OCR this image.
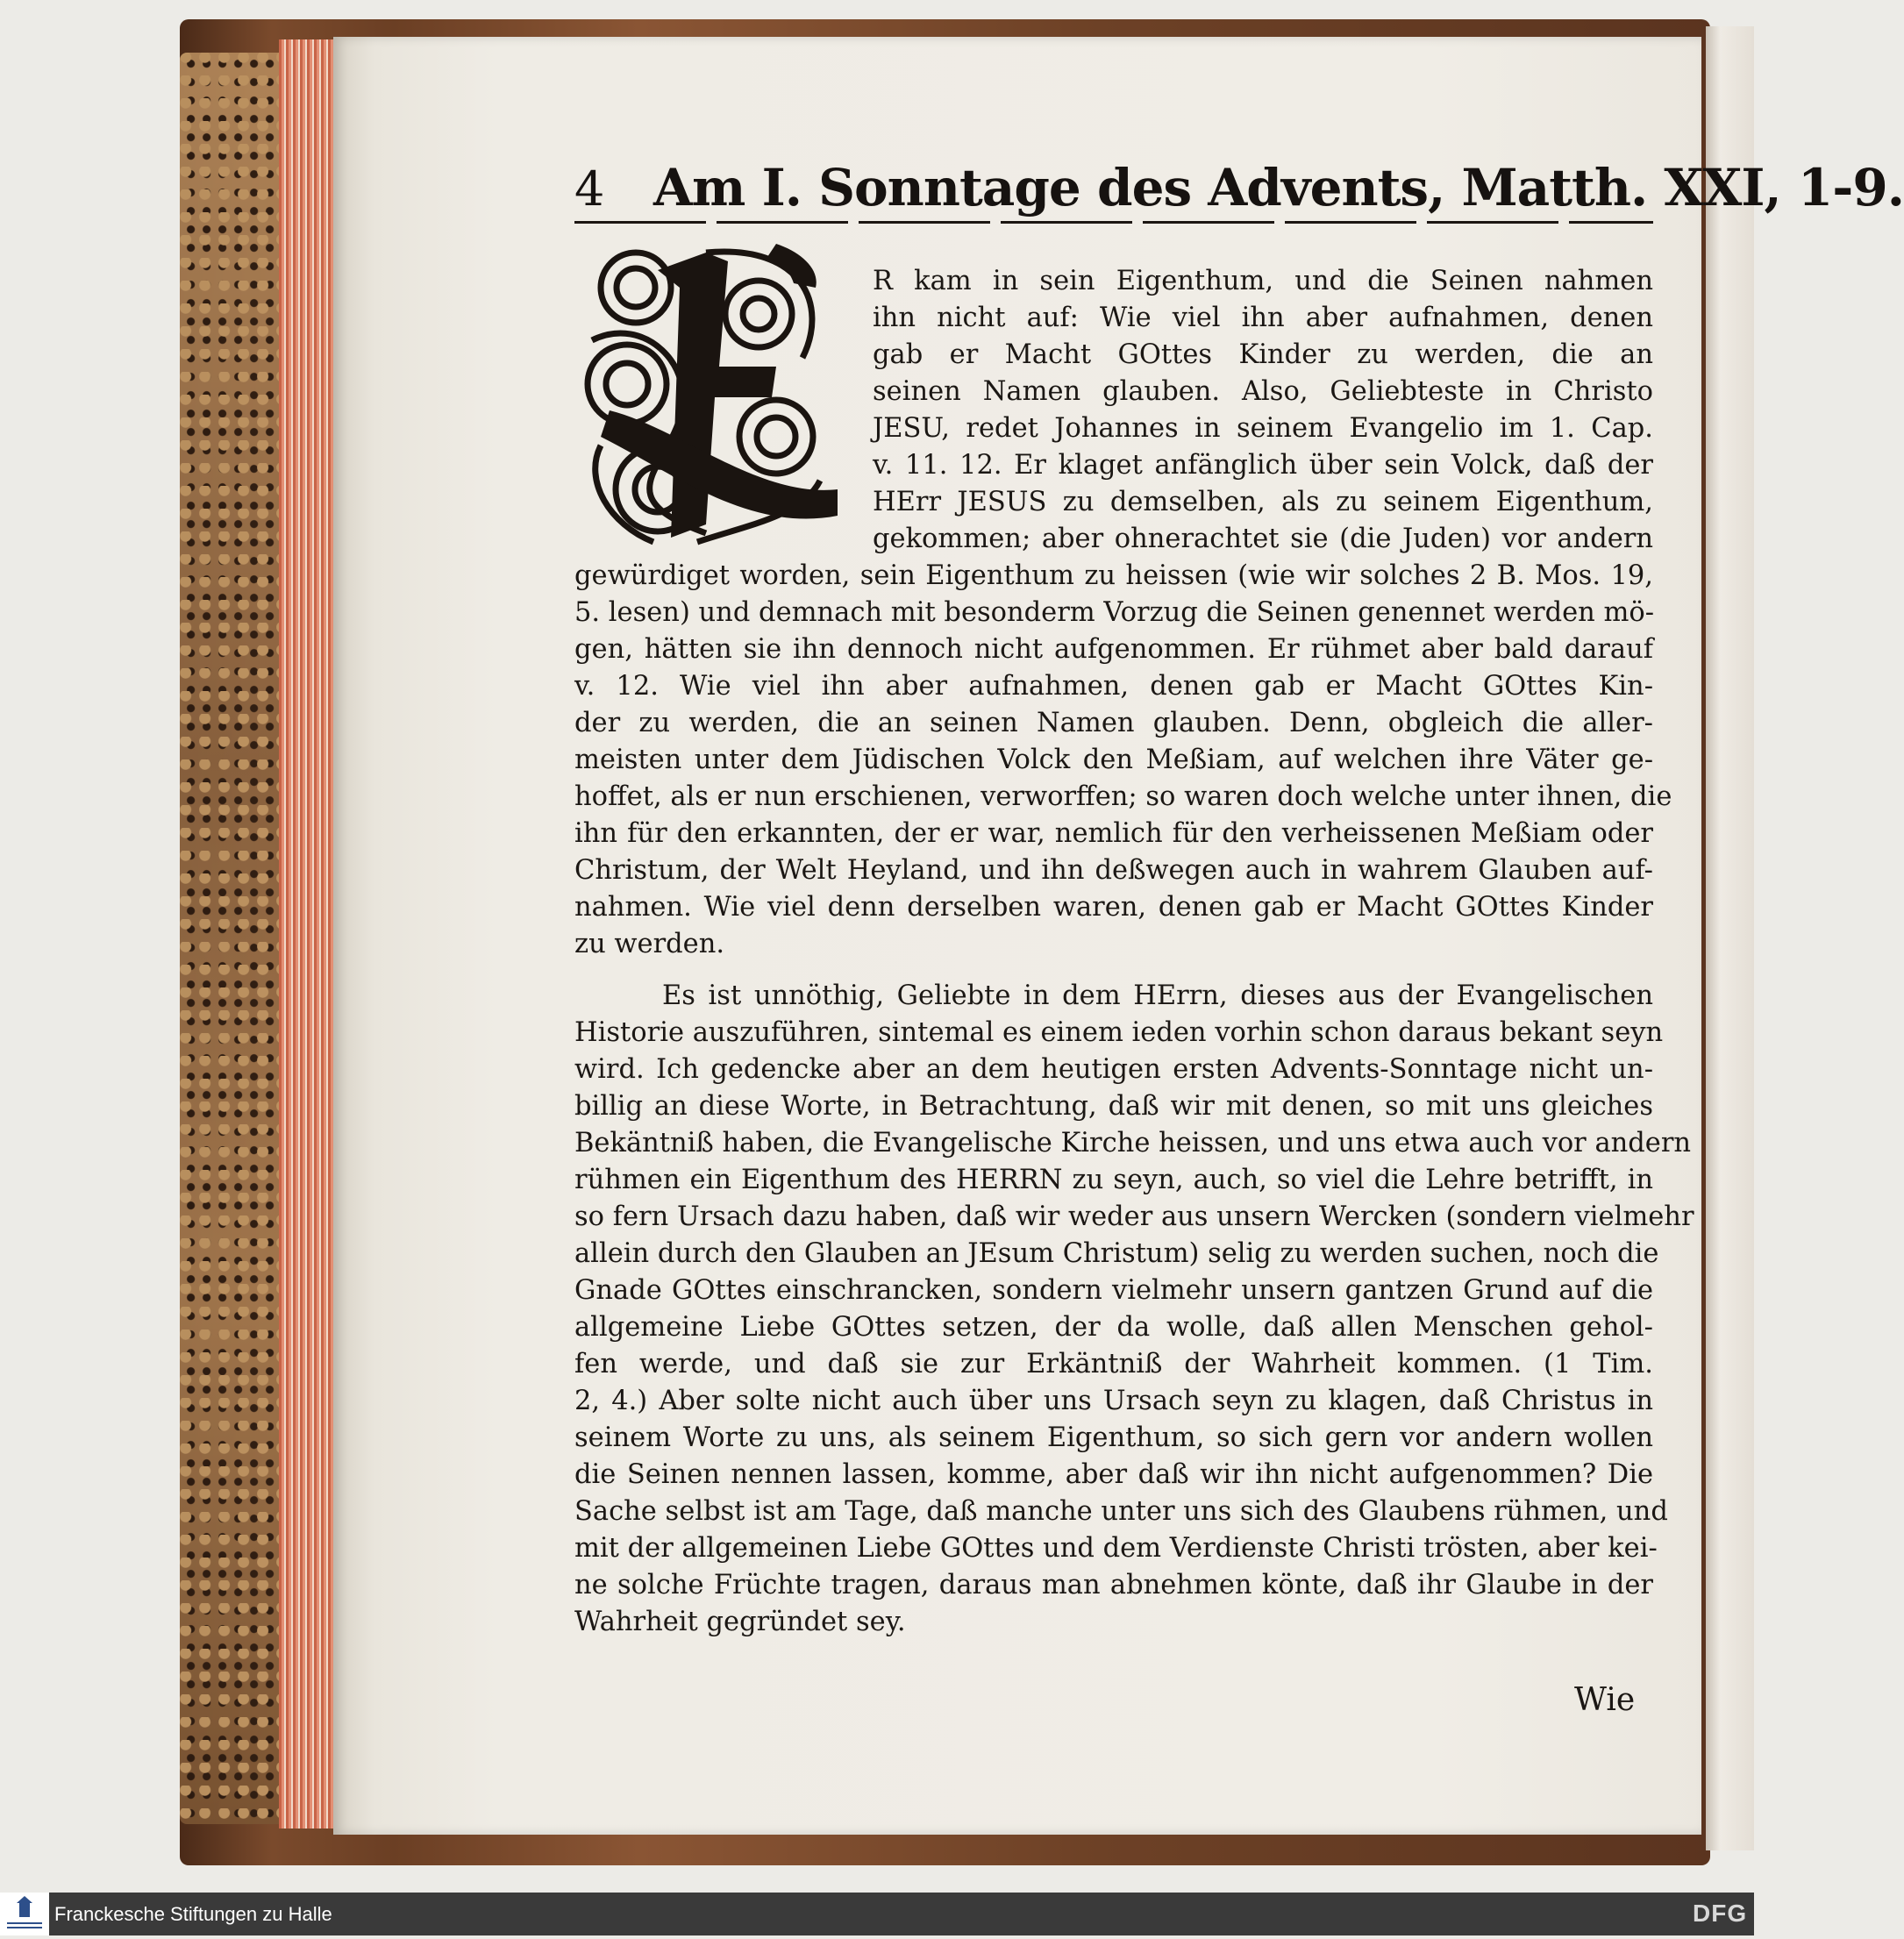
4 Am I. Sonntage des Advents, Matth. XXI, 1-9.
R kam in sein Eigenthum, und die Seinen nahmen
ihn nicht auf: Wie viel ihn aber aufnahmen, denen
gab er Macht GOttes Kinder zu werden, die an
seinen Namen glauben. Also, Geliebteste in Christo
JESU, redet Johannes in seinem Evangelio im 1. Cap.
v. 11. 12. Er klaget anfänglich über sein Volck, daß der
HErr JESUS zu demselben, als zu seinem Eigenthum,
gekommen; aber ohnerachtet sie (die Juden) vor andern
gewürdiget worden, sein Eigenthum zu heissen (wie wir solches 2 B. Mos. 19,
5. lesen) und demnach mit besonderm Vorzug die Seinen genennet werden mö-
gen, hätten sie ihn dennoch nicht aufgenommen. Er rühmet aber bald darauf
v. 12. Wie viel ihn aber aufnahmen, denen gab er Macht GOttes Kin-
der zu werden, die an seinen Namen glauben. Denn, obgleich die aller-
meisten unter dem Jüdischen Volck den Meßiam, auf welchen ihre Väter ge-
hoffet, als er nun erschienen, verworffen; so waren doch welche unter ihnen, die
ihn für den erkannten, der er war, nemlich für den verheissenen Meßiam oder
Christum, der Welt Heyland, und ihn deßwegen auch in wahrem Glauben auf-
nahmen. Wie viel denn derselben waren, denen gab er Macht GOttes Kinder
zu werden.
Es ist unnöthig, Geliebte in dem HErrn, dieses aus der Evangelischen
Historie auszuführen, sintemal es einem ieden vorhin schon daraus bekant seyn
wird. Ich gedencke aber an dem heutigen ersten Advents-Sonntage nicht un-
billig an diese Worte, in Betrachtung, daß wir mit denen, so mit uns gleiches
Bekäntniß haben, die Evangelische Kirche heissen, und uns etwa auch vor andern
rühmen ein Eigenthum des HERRN zu seyn, auch, so viel die Lehre betrifft, in
so fern Ursach dazu haben, daß wir weder aus unsern Wercken (sondern vielmehr
allein durch den Glauben an JEsum Christum) selig zu werden suchen, noch die
Gnade GOttes einschrancken, sondern vielmehr unsern gantzen Grund auf die
allgemeine Liebe GOttes setzen, der da wolle, daß allen Menschen gehol-
fen werde, und daß sie zur Erkäntniß der Wahrheit kommen. (1 Tim.
2, 4.) Aber solte nicht auch über uns Ursach seyn zu klagen, daß Christus in
seinem Worte zu uns, als seinem Eigenthum, so sich gern vor andern wollen
die Seinen nennen lassen, komme, aber daß wir ihn nicht aufgenommen? Die
Sache selbst ist am Tage, daß manche unter uns sich des Glaubens rühmen, und
mit der allgemeinen Liebe GOttes und dem Verdienste Christi trösten, aber kei-
ne solche Früchte tragen, daraus man abnehmen könte, daß ihr Glaube in der
Wahrheit gegründet sey.
Wie
Franckesche Stiftungen zu Halle	DFG
